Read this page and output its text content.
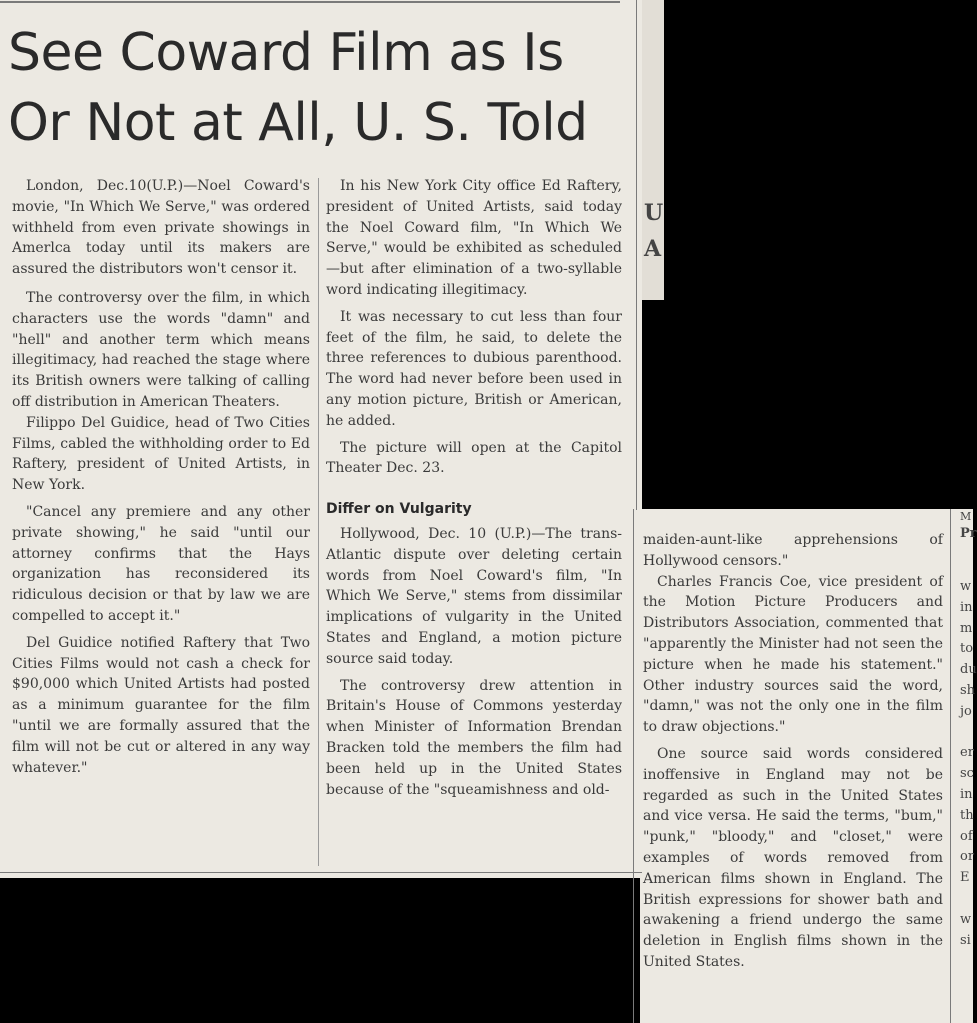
See Coward Film as Is Or Not at All, U. S. Told

London, Dec.10(U.P.)—Noel Coward's movie, "In Which We Serve," was ordered withheld from even private showings in Amerlca today until its makers are assured the distributors won't censor it.

The controversy over the film, in which characters use the words "damn" and "hell" and another term which means illegitimacy, had reached the stage where its British owners were talking of calling off distribution in American Theaters.

Filippo Del Guidice, head of Two Cities Films, cabled the withholding order to Ed Raftery, president of United Artists, in New York.

"Cancel any premiere and any other private showing," he said "until our attorney confirms that the Hays organization has reconsidered its ridiculous decision or that by law we are compelled to accept it."

Del Guidice notified Raftery that Two Cities Films would not cash a check for $90,000 which United Artists had posted as a minimum guarantee for the film "until we are formally assured that the film will not be cut or altered in any way whatever."

In his New York City office Ed Raftery, president of United Artists, said today the Noel Coward film, "In Which We Serve," would be exhibited as scheduled—but after elimination of a two-syllable word indicating illegitimacy.

It was necessary to cut less than four feet of the film, he said, to delete the three references to dubious parenthood. The word had never before been used in any motion picture, British or American, he added.

The picture will open at the Capitol Theater Dec. 23.

Differ on Vulgarity

Hollywood, Dec. 10 (U.P.)—The trans-Atlantic dispute over deleting certain words from Noel Coward's film, "In Which We Serve," stems from dissimilar implications of vulgarity in the United States and England, a motion picture source said today.

The controversy drew attention in Britain's House of Commons yesterday when Minister of Information Brendan Bracken told the members the film had been held up in the United States because of the "squeamishness and old-

maiden-aunt-like apprehensions of Hollywood censors."

Charles Francis Coe, vice president of the Motion Picture Producers and Distributors Association, commented that "apparently the Minister had not seen the picture when he made his statement." Other industry sources said the word, "damn," was not the only one in the film to draw objections."

One source said words considered inoffensive in England may not be regarded as such in the United States and vice versa. He said the terms, "bum," "punk," "bloody," and "closet," were examples of words removed from American films shown in England. The British expressions for shower bath and awakening a friend undergo the same deletion in English films shown in the United States.

U
A
M
Pr
w
in
m
to
du
sh
jo

er
sc
in
th
of
or
E

w
si
